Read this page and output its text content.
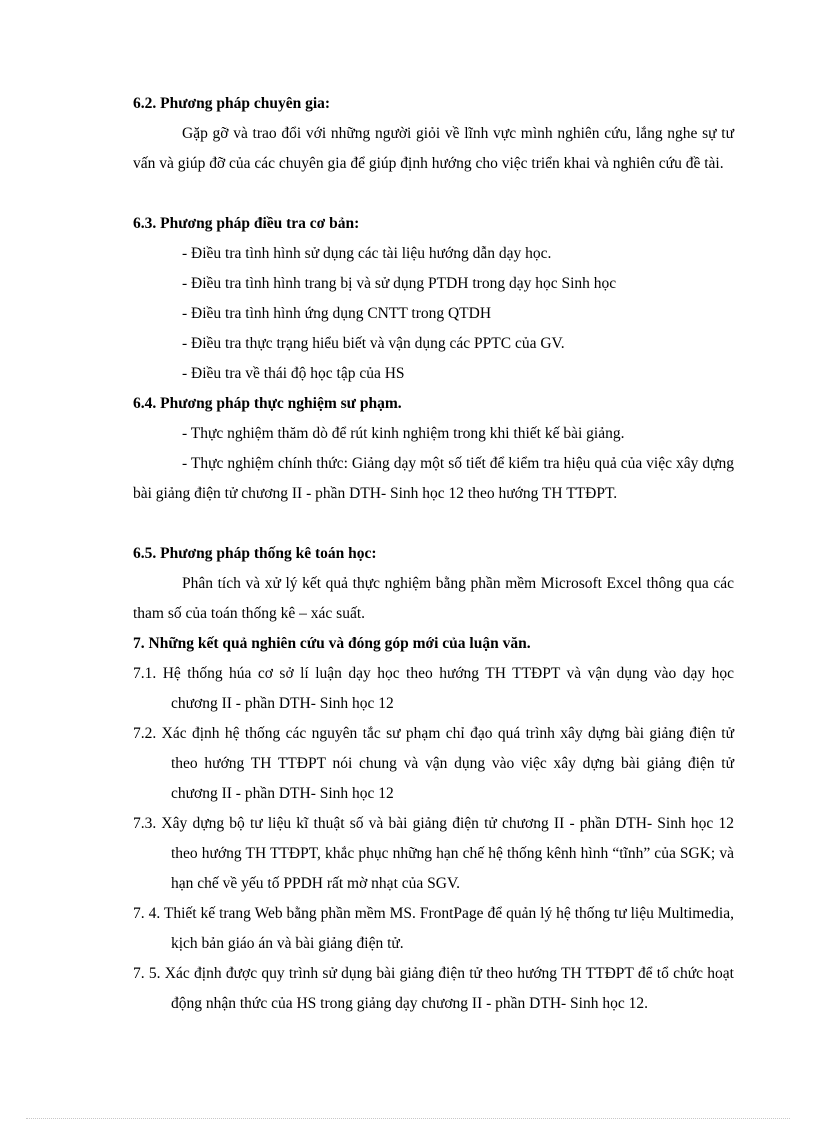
6.2. Phương pháp chuyên gia:

Gặp gỡ và trao đổi với những người giỏi về lĩnh vực mình nghiên cứu, lắng nghe sự tư vấn và giúp đỡ của các chuyên gia để giúp định hướng cho việc triển khai và nghiên cứu đề tài.

6.3. Phương pháp điều tra cơ bản:
- Điều tra tình hình sử dụng các tài liệu hướng dẫn dạy học.
- Điều tra tình hình trang bị và sử dụng PTDH trong dạy học Sinh học
- Điều tra tình hình ứng dụng CNTT trong QTDH
- Điều tra thực trạng hiểu biết và vận dụng các PPTC của GV.
- Điều tra về thái độ học tập của HS
6.4. Phương pháp thực nghiệm sư phạm.
- Thực nghiệm thăm dò để rút kinh nghiệm trong khi thiết kế bài giảng.

- Thực nghiệm chính thức: Giảng dạy một số tiết để kiểm tra hiệu quả của việc xây dựng bài giảng điện tử chương II - phần DTH- Sinh học 12 theo hướng TH TTĐPT.

6.5. Phương pháp thống kê toán học:

Phân tích và xử lý kết quả thực nghiệm bằng phần mềm Microsoft Excel thông qua các tham số của toán thống kê – xác suất.

7. Những kết quả nghiên cứu và đóng góp mới của luận văn.

7.1. Hệ thống húa cơ sở lí luận dạy học theo hướng TH TTĐPT và vận dụng vào dạy học chương II - phần DTH- Sinh học 12

7.2. Xác định hệ thống các nguyên tắc sư phạm chỉ đạo quá trình xây dựng bài giảng điện tử theo hướng TH TTĐPT nói chung và vận dụng vào việc xây dựng bài giảng điện tử chương II - phần DTH- Sinh học 12

7.3. Xây dựng bộ tư liệu kĩ thuật số và bài giảng điện tử chương II - phần DTH- Sinh học 12 theo hướng TH TTĐPT, khắc phục những hạn chế hệ thống kênh hình “tĩnh” của SGK; và hạn chế về yếu tố PPDH rất mờ nhạt của SGV.

7. 4. Thiết kế trang Web bằng phần mềm MS. FrontPage để quản lý hệ thống tư liệu Multimedia, kịch bản giáo án và bài giảng điện tử.

7. 5. Xác định được quy trình sử dụng bài giảng điện tử theo hướng TH TTĐPT để tổ chức hoạt động nhận thức của HS trong giảng dạy chương II - phần DTH- Sinh học 12.
